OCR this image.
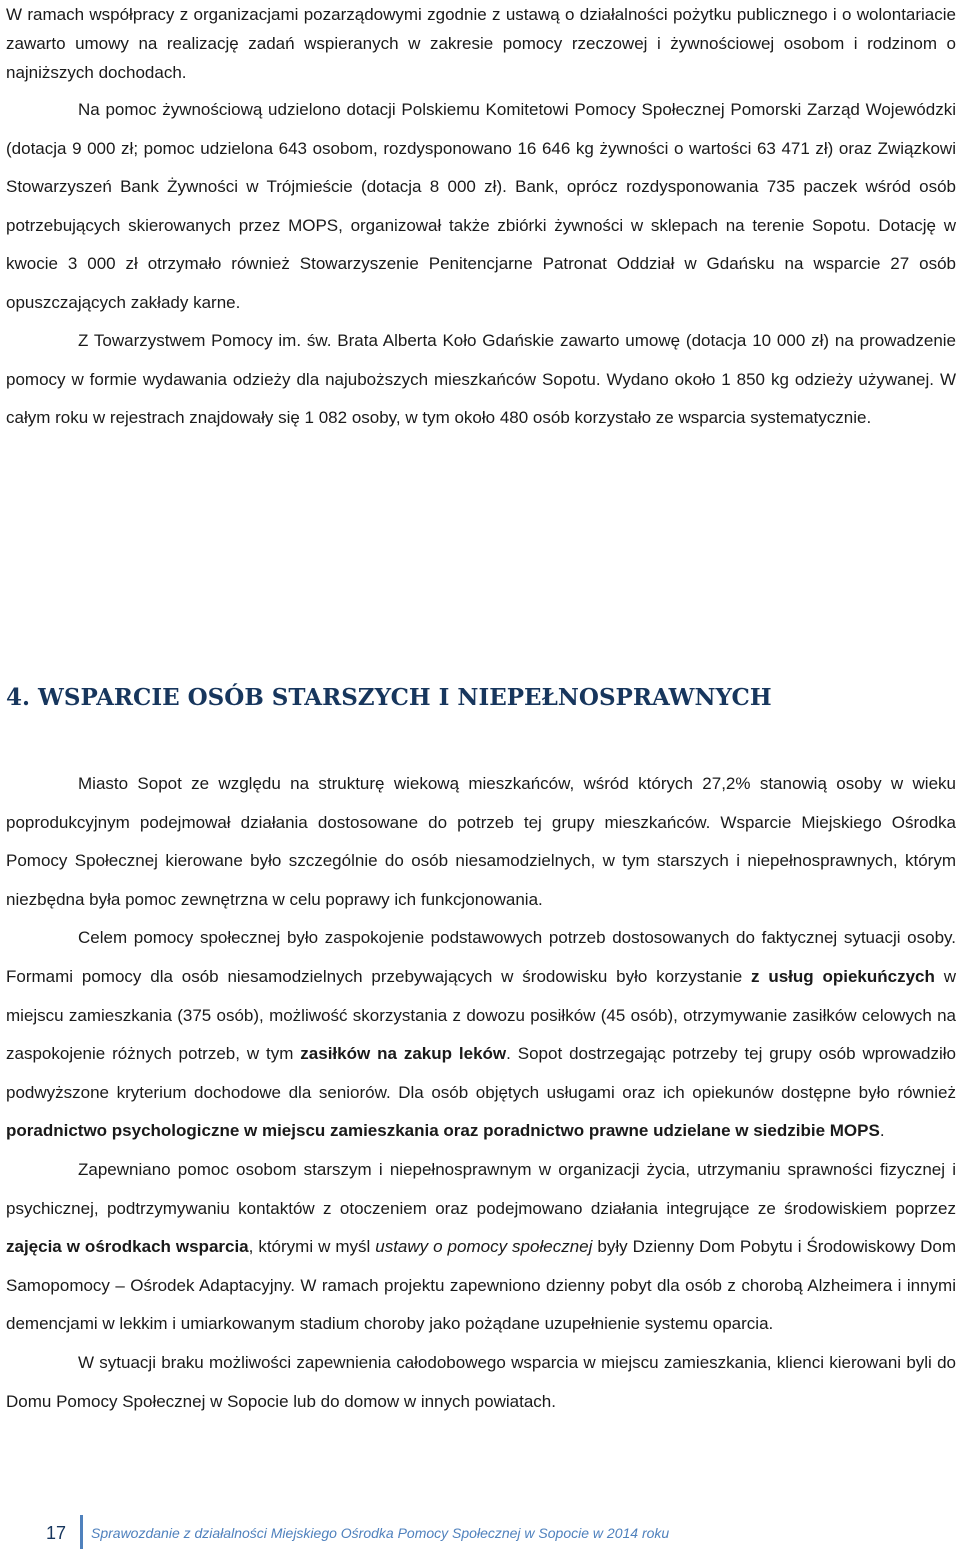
W ramach współpracy z organizacjami pozarządowymi zgodnie z ustawą o działalności pożytku publicznego i o wolontariacie zawarto umowy na realizację zadań wspieranych w zakresie pomocy rzeczowej i żywnościowej osobom i rodzinom o najniższych dochodach.

Na pomoc żywnościową udzielono dotacji Polskiemu Komitetowi Pomocy Społecznej Pomorski Zarząd Wojewódzki (dotacja 9 000 zł; pomoc udzielona 643 osobom, rozdysponowano 16 646 kg żywności o wartości 63 471 zł) oraz Związkowi Stowarzyszeń Bank Żywności w Trójmieście (dotacja 8 000 zł). Bank, oprócz rozdysponowania 735 paczek wśród osób potrzebujących skierowanych przez MOPS, organizował także zbiórki żywności w sklepach na terenie Sopotu. Dotację w kwocie 3 000 zł otrzymało również Stowarzyszenie Penitencjarne Patronat Oddział w Gdańsku na wsparcie 27 osób opuszczających zakłady karne.

Z Towarzystwem Pomocy im. św. Brata Alberta Koło Gdańskie zawarto umowę (dotacja 10 000 zł) na prowadzenie pomocy w formie wydawania odzieży dla najuboższych mieszkańców Sopotu. Wydano około 1 850 kg odzieży używanej. W całym roku w rejestrach znajdowały się 1 082 osoby, w tym około 480 osób korzystało ze wsparcia systematycznie.

4. WSPARCIE OSÓB STARSZYCH I NIEPEŁNOSPRAWNYCH

Miasto Sopot ze względu na strukturę wiekową mieszkańców, wśród których 27,2% stanowią osoby w wieku poprodukcyjnym podejmował działania dostosowane do potrzeb tej grupy mieszkańców. Wsparcie Miejskiego Ośrodka Pomocy Społecznej kierowane było szczególnie do osób niesamodzielnych, w tym starszych i niepełnosprawnych, którym niezbędna była pomoc zewnętrzna w celu poprawy ich funkcjonowania.

Celem pomocy społecznej było zaspokojenie podstawowych potrzeb dostosowanych do faktycznej sytuacji osoby. Formami pomocy dla osób niesamodzielnych przebywających w środowisku było korzystanie z usług opiekuńczych w miejscu zamieszkania (375 osób), możliwość skorzystania z dowozu posiłków (45 osób), otrzymywanie zasiłków celowych na zaspokojenie różnych potrzeb, w tym zasiłków na zakup leków. Sopot dostrzegając potrzeby tej grupy osób wprowadziło podwyższone kryterium dochodowe dla seniorów. Dla osób objętych usługami oraz ich opiekunów dostępne było również poradnictwo psychologiczne w miejscu zamieszkania oraz poradnictwo prawne udzielane w siedzibie MOPS.

Zapewniano pomoc osobom starszym i niepełnosprawnym w organizacji życia, utrzymaniu sprawności fizycznej i psychicznej, podtrzymywaniu kontaktów z otoczeniem oraz podejmowano działania integrujące ze środowiskiem poprzez zajęcia w ośrodkach wsparcia, którymi w myśl ustawy o pomocy społecznej były Dzienny Dom Pobytu i Środowiskowy Dom Samopomocy – Ośrodek Adaptacyjny. W ramach projektu zapewniono dzienny pobyt dla osób z chorobą Alzheimera i innymi demencjami w lekkim i umiarkowanym stadium choroby jako pożądane uzupełnienie systemu oparcia.

W sytuacji braku możliwości zapewnienia całodobowego wsparcia w miejscu zamieszkania, klienci kierowani byli do Domu Pomocy Społecznej w Sopocie lub do domow w innych powiatach.

17 Sprawozdanie z działalności Miejskiego Ośrodka Pomocy Społecznej w Sopocie w 2014 roku
